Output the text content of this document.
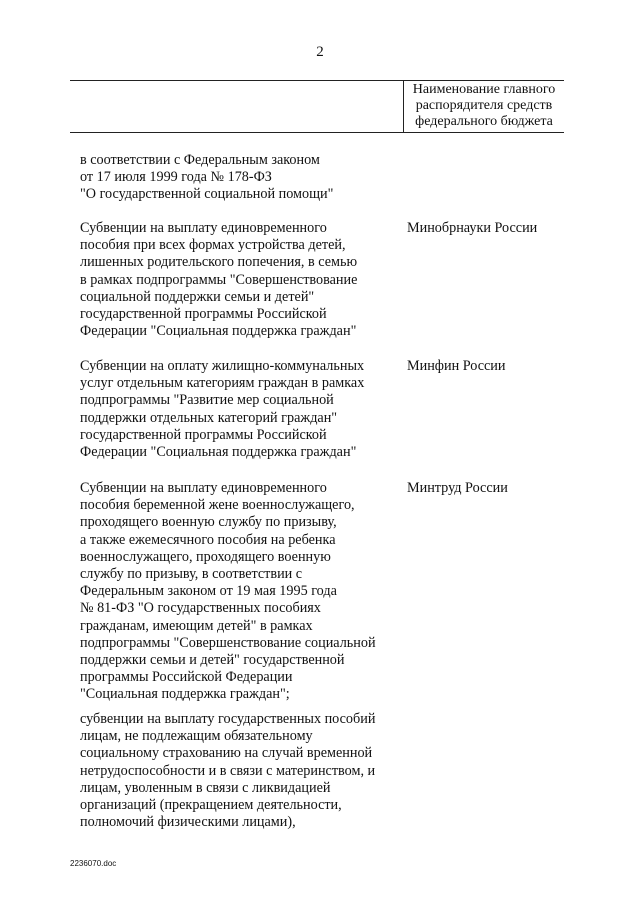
2
Наименование главного
распорядителя средств
федерального бюджета
в соответствии с Федеральным законом
от 17 июля 1999 года № 178-ФЗ
"О государственной социальной помощи"
Субвенции на выплату единовременного
пособия при всех формах устройства детей,
лишенных родительского попечения, в семью
в рамках подпрограммы "Совершенствование
социальной поддержки семьи и детей"
государственной программы Российской
Федерации "Социальная поддержка граждан"
Минобрнауки России
Субвенции на оплату жилищно-коммунальных
услуг отдельным категориям граждан в рамках
подпрограммы "Развитие мер социальной
поддержки отдельных категорий граждан"
государственной программы Российской
Федерации "Социальная поддержка граждан"
Минфин России
Субвенции на выплату единовременного
пособия беременной жене военнослужащего,
проходящего военную службу по призыву,
а также ежемесячного пособия на ребенка
военнослужащего, проходящего военную
службу по призыву, в соответствии с
Федеральным законом от 19 мая 1995 года
№ 81-ФЗ "О государственных пособиях
гражданам, имеющим детей" в рамках
подпрограммы "Совершенствование социальной
поддержки семьи и детей" государственной
программы Российской Федерации
"Социальная поддержка граждан";
Минтруд России
субвенции на выплату государственных пособий
лицам, не подлежащим обязательному
социальному страхованию на случай временной
нетрудоспособности и в связи с материнством, и
лицам, уволенным в связи с ликвидацией
организаций (прекращением деятельности,
полномочий физическими лицами),
2236070.doc
